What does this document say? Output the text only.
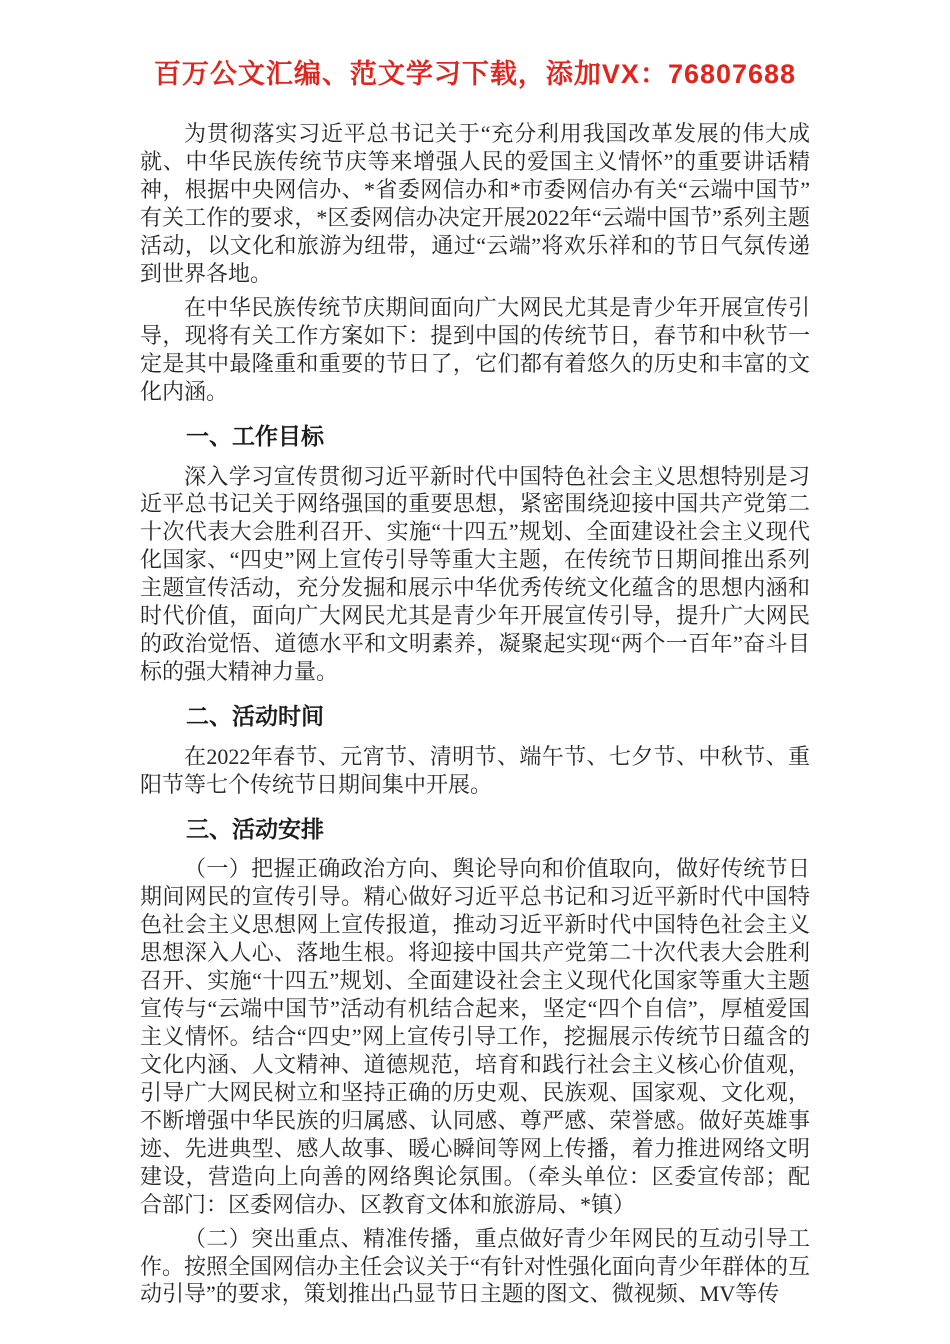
百万公文汇编、范文学习下载，添加VX：76807688

为贯彻落实习近平总书记关于“充分利用我国改革发展的伟大成就、中华民族传统节庆等来增强人民的爱国主义情怀”的重要讲话精神，根据中央网信办、*省委网信办和*市委网信办有关“云端中国节”有关工作的要求，*区委网信办决定开展2022年“云端中国节”系列主题活动，以文化和旅游为纽带，通过“云端”将欢乐祥和的节日气氛传递到世界各地。

在中华民族传统节庆期间面向广大网民尤其是青少年开展宣传引导，现将有关工作方案如下：提到中国的传统节日，春节和中秋节一定是其中最隆重和重要的节日了，它们都有着悠久的历史和丰富的文化内涵。

一、工作目标

深入学习宣传贯彻习近平新时代中国特色社会主义思想特别是习近平总书记关于网络强国的重要思想，紧密围绕迎接中国共产党第二十次代表大会胜利召开、实施“十四五”规划、全面建设社会主义现代化国家、“四史”网上宣传引导等重大主题，在传统节日期间推出系列主题宣传活动，充分发掘和展示中华优秀传统文化蕴含的思想内涵和时代价值，面向广大网民尤其是青少年开展宣传引导，提升广大网民的政治觉悟、道德水平和文明素养，凝聚起实现“两个一百年”奋斗目标的强大精神力量。

二、活动时间

在2022年春节、元宵节、清明节、端午节、七夕节、中秋节、重阳节等七个传统节日期间集中开展。

三、活动安排

（一）把握正确政治方向、舆论导向和价值取向，做好传统节日期间网民的宣传引导。精心做好习近平总书记和习近平新时代中国特色社会主义思想网上宣传报道，推动习近平新时代中国特色社会主义思想深入人心、落地生根。将迎接中国共产党第二十次代表大会胜利召开、实施“十四五”规划、全面建设社会主义现代化国家等重大主题宣传与“云端中国节”活动有机结合起来，坚定“四个自信”，厚植爱国主义情怀。结合“四史”网上宣传引导工作，挖掘展示传统节日蕴含的文化内涵、人文精神、道德规范，培育和践行社会主义核心价值观，引导广大网民树立和坚持正确的历史观、民族观、国家观、文化观，不断增强中华民族的归属感、认同感、尊严感、荣誉感。做好英雄事迹、先进典型、感人故事、暖心瞬间等网上传播，着力推进网络文明建设，营造向上向善的网络舆论氛围。（牵头单位：区委宣传部；配合部门：区委网信办、区教育文体和旅游局、*镇）

（二）突出重点、精准传播，重点做好青少年网民的互动引导工作。按照全国网信办主任会议关于“有针对性强化面向青少年群体的互动引导”的要求，策划推出凸显节日主题的图文、微视频、MV等传
